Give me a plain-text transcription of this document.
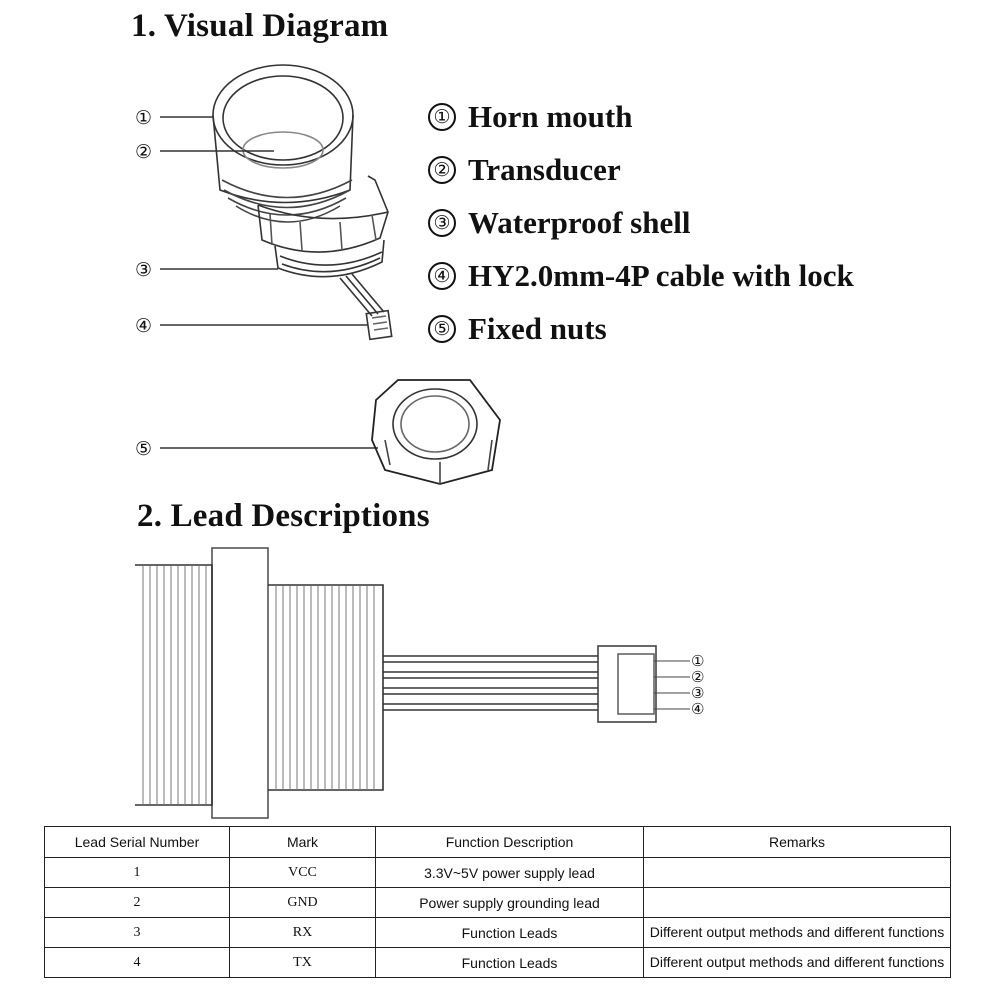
1. Visual Diagram
①
②
③
④
⑤
①
②
③
④
① Horn mouth
② Transducer
③ Waterproof shell
④ HY2.0mm-4P cable with lock
⑤ Fixed nuts
2. Lead Descriptions
Lead Serial Number	Mark	Function Description	Remarks
1	VCC	3.3V~5V power supply lead	
2	GND	Power supply grounding lead	
3	RX	Function Leads	Different output methods and different functions
4	TX	Function Leads	Different output methods and different functions
